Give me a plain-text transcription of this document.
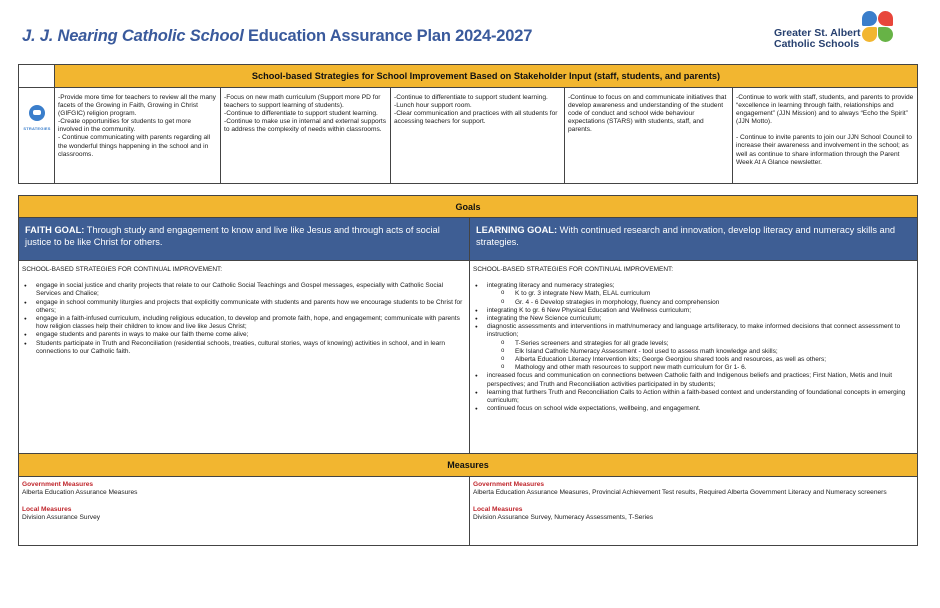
J. J. Nearing Catholic School Education Assurance Plan 2024-2027	Greater St. Albert
Catholic Schools
School-based Strategies for School Improvement Based on Stakeholder Input (staff, students, and parents)
STRATEGIES
-Provide more time for teachers to review all the many facets of the Growing in Faith, Growing in Christ (GIFGIC) religion program.
-Create opportunities for students to get more involved in the community.
- Continue communicating with parents regarding all the wonderful things happening in the school and in classrooms.
-Focus on new math curriculum (Support more PD for teachers to support learning of students).
-Continue to differentiate to support student learning.
-Continue to make use in internal and external supports to address the complexity of needs within classrooms.
-Continue to differentiate to support student learning.
-Lunch hour support room.
-Clear communication and practices with all students for accessing teachers for support.
-Continue to focus on and communicate initiatives that develop awareness and understanding of the student code of conduct and school wide behaviour expectations (STARS) with students, staff, and parents.
-Continue to work with staff, students, and parents to provide “excellence in learning through faith, relationships and engagement” (JJN Mission) and to always “Echo the Spirit” (JJN Motto).
- Continue to invite parents to join our JJN School Council to increase their awareness and involvement in the school; as well as continue to share information through the Parent Week At A Glance newsletter.
Goals
FAITH GOAL: Through study and engagement to know and live like Jesus and through acts of social justice to be like Christ for others.
LEARNING GOAL: With continued research and innovation, develop literacy and numeracy skills and strategies.
SCHOOL-BASED STRATEGIES FOR CONTINUAL IMPROVEMENT:
● engage in social justice and charity projects that relate to our Catholic Social Teachings and Gospel messages, especially with Catholic Social Services and Chalice;
● engage in school community liturgies and projects that explicitly communicate with students and parents how we encourage students to be Christ for others;
● engage in a faith-infused curriculum, including religious education, to develop and promote faith, hope, and engagement; communicate with parents how religion classes help their children to know and live like Jesus Christ;
● engage students and parents in ways to make our faith theme come alive;
● Students participate in Truth and Reconciliation (residential schools, treaties, cultural stories, ways of knowing) activities in school, and in learn connections to our Catholic faith.
SCHOOL-BASED STRATEGIES FOR CONTINUAL IMPROVEMENT:
● integrating literacy and numeracy strategies;
o K to gr. 3 integrate New Math, ELAL curriculum
o Gr. 4 - 6 Develop strategies in morphology, fluency and comprehension
● integrating K to gr. 6 New Physical Education and Wellness curriculum;
● integrating the New Science curriculum;
● diagnostic assessments and interventions in math/numeracy and language arts/literacy, to make informed decisions that connect assessment to instruction;
o T-Series screeners and strategies for all grade levels;
o Elk Island Catholic Numeracy Assessment - tool used to assess math knowledge and skills;
o Alberta Education Literacy Intervention kits; George Georgiou shared tools and resources, as well as others;
o Mathology and other math resources to support new math curriculum for Gr 1- 6.
● increased focus and communication on connections between Catholic faith and Indigenous beliefs and practices; First Nation, Metis and Inuit perspectives; and Truth and Reconciliation activities participated in by students;
● learning that furthers Truth and Reconciliation Calls to Action within a faith-based context and understanding of foundational concepts in emerging curriculum;
● continued focus on school wide expectations, wellbeing, and engagement.
Measures
Government Measures
Alberta Education Assurance Measures
Local Measures
Division Assurance Survey
Government Measures
Alberta Education Assurance Measures, Provincial Achievement Test results, Required Alberta Government Literacy and Numeracy screeners
Local Measures
Division Assurance Survey, Numeracy Assessments, T-Series
